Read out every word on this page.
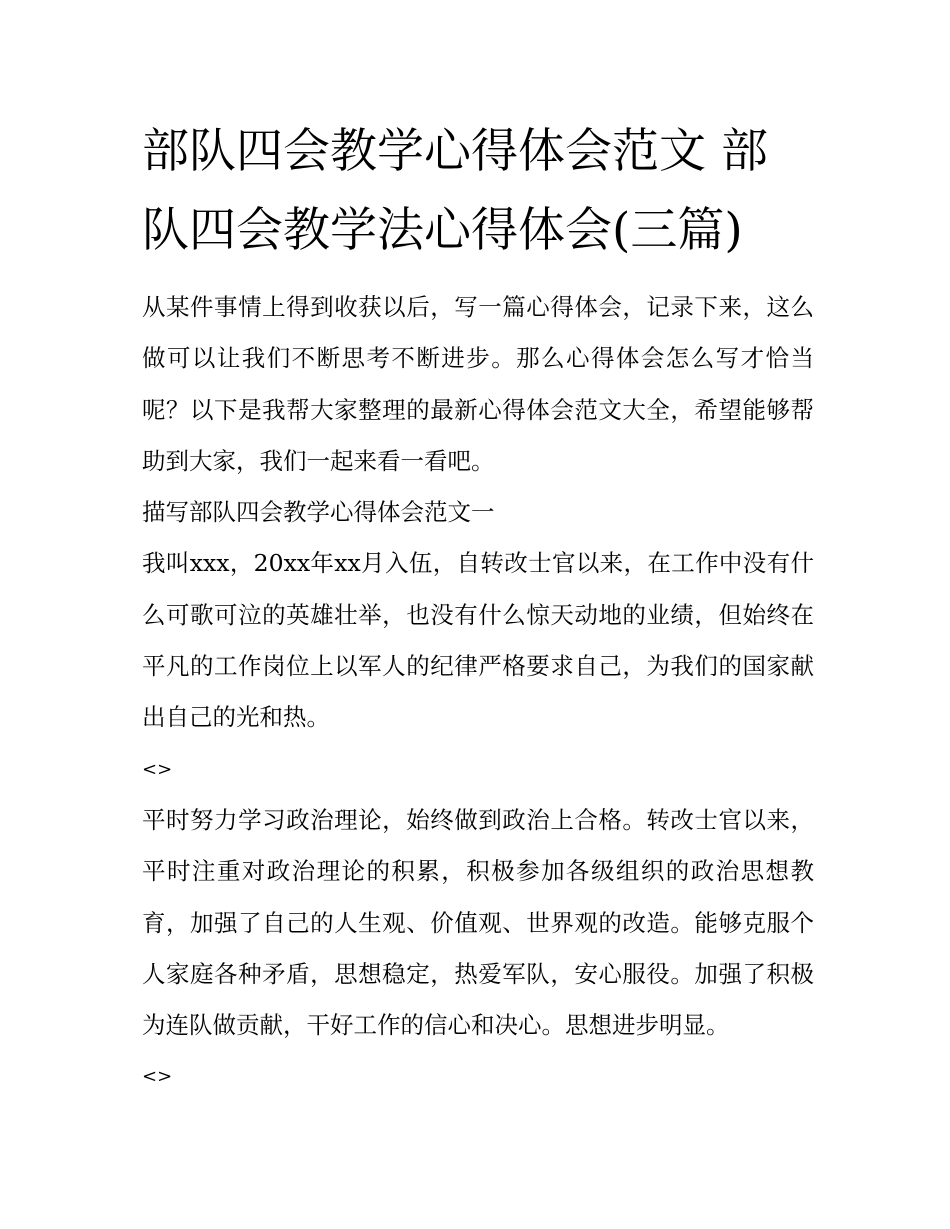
部队四会教学心得体会范文 部队四会教学法心得体会(三篇)

从某件事情上得到收获以后，写一篇心得体会，记录下来，这么做可以让我们不断思考不断进步。那么心得体会怎么写才恰当呢？以下是我帮大家整理的最新心得体会范文大全，希望能够帮助到大家，我们一起来看一看吧。

描写部队四会教学心得体会范文一

我叫xxx，20xx年xx月入伍，自转改士官以来，在工作中没有什么可歌可泣的英雄壮举，也没有什么惊天动地的业绩，但始终在平凡的工作岗位上以军人的纪律严格要求自己，为我们的国家献出自己的光和热。

<>

平时努力学习政治理论，始终做到政治上合格。转改士官以来，平时注重对政治理论的积累，积极参加各级组织的政治思想教育，加强了自己的人生观、价值观、世界观的改造。能够克服个人家庭各种矛盾，思想稳定，热爱军队，安心服役。加强了积极为连队做贡献，干好工作的信心和决心。思想进步明显。

<>
